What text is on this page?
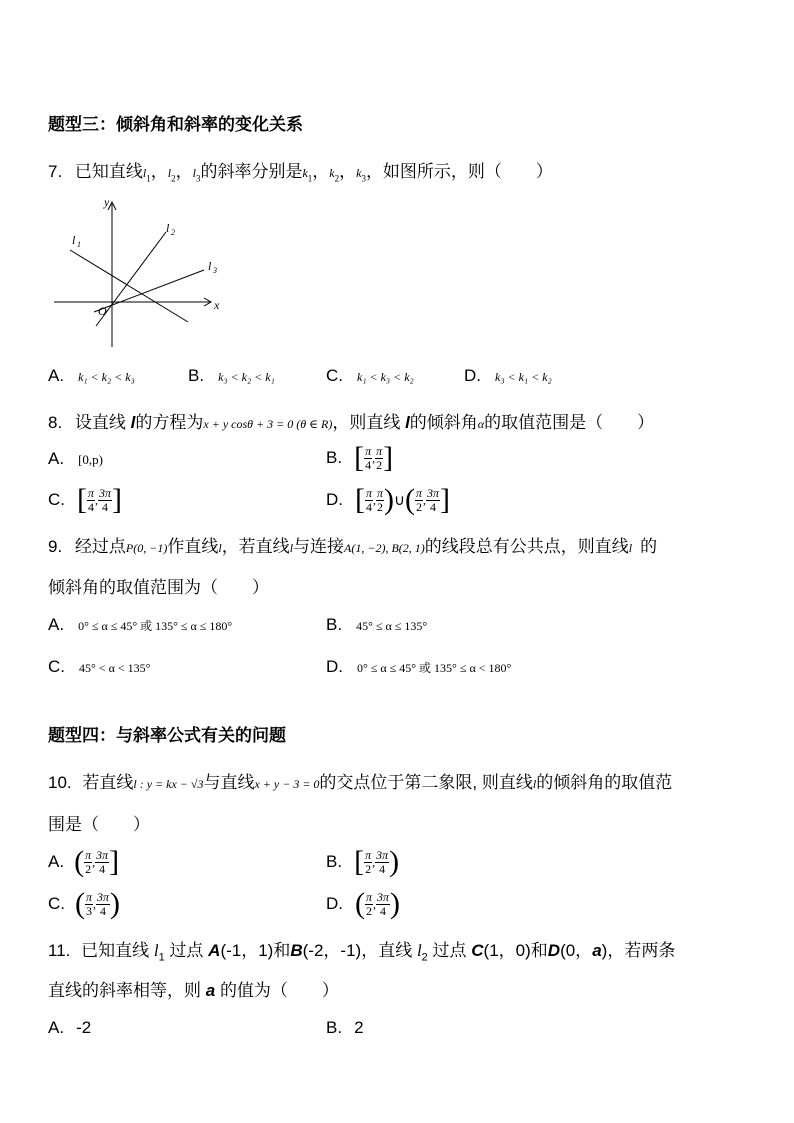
题型三：倾斜角和斜率的变化关系
7. 已知直线$l_1$，$l_2$，$l_3$的斜率分别是$k_1$，$k_2$，$k_3$，如图所示，则（　　）
x
y
O
l 1
l 2
l 3
A. k₁ < k₂ < k₃	B. k₃ < k₂ < k₁	C. k₁ < k₃ < k₂	D. k₃ < k₁ < k₂
8. 设直线 l的方程为x + y cosθ + 3 = 0 (θ ∈ R)，则直线 l的倾斜角α的取值范围是（　　）
A. [0,p)	B. [ $\frac{\pi}{4}$ , $\frac{\pi}{2}$ ]
C. [ $\frac{\pi}{4}$ , $\frac{3\pi}{4}$ ]	D. [ $\frac{\pi}{4}$ , $\frac{\pi}{2}$ ) ∪ ( $\frac{\pi}{2}$ , $\frac{3\pi}{4}$ ]
9. 经过点P(0, −1)作直线l，若直线l与连接A(1, −2), B(2, 1)的线段总有公共点，则直线l 的
倾斜角的取值范围为（　　）
A. 0° ≤ α ≤ 45° 或 135° ≤ α ≤ 180°	B. 45° ≤ α ≤ 135°
C. 45° < α < 135°	D. 0° ≤ α ≤ 45° 或 135° ≤ α < 180°
题型四：与斜率公式有关的问题
10. 若直线l : y = kx − √3与直线x + y − 3 = 0的交点位于第二象限, 则直线l的倾斜角的取值范
围是（　　）
A. ( $\frac{\pi}{2}$ , $\frac{3\pi}{4}$ ]	B. [ $\frac{\pi}{2}$ , $\frac{3\pi}{4}$ )
C. ( $\frac{\pi}{3}$ , $\frac{3\pi}{4}$ )	D. ( $\frac{\pi}{2}$ , $\frac{3\pi}{4}$ )
11. 已知直线 $l_1$ 过点 A(-1，1)和B(-2，-1)，直线 $l_2$ 过点 C(1，0)和D(0，a)，若两条
直线的斜率相等，则 a 的值为（　　）
A. -2	B. 2
